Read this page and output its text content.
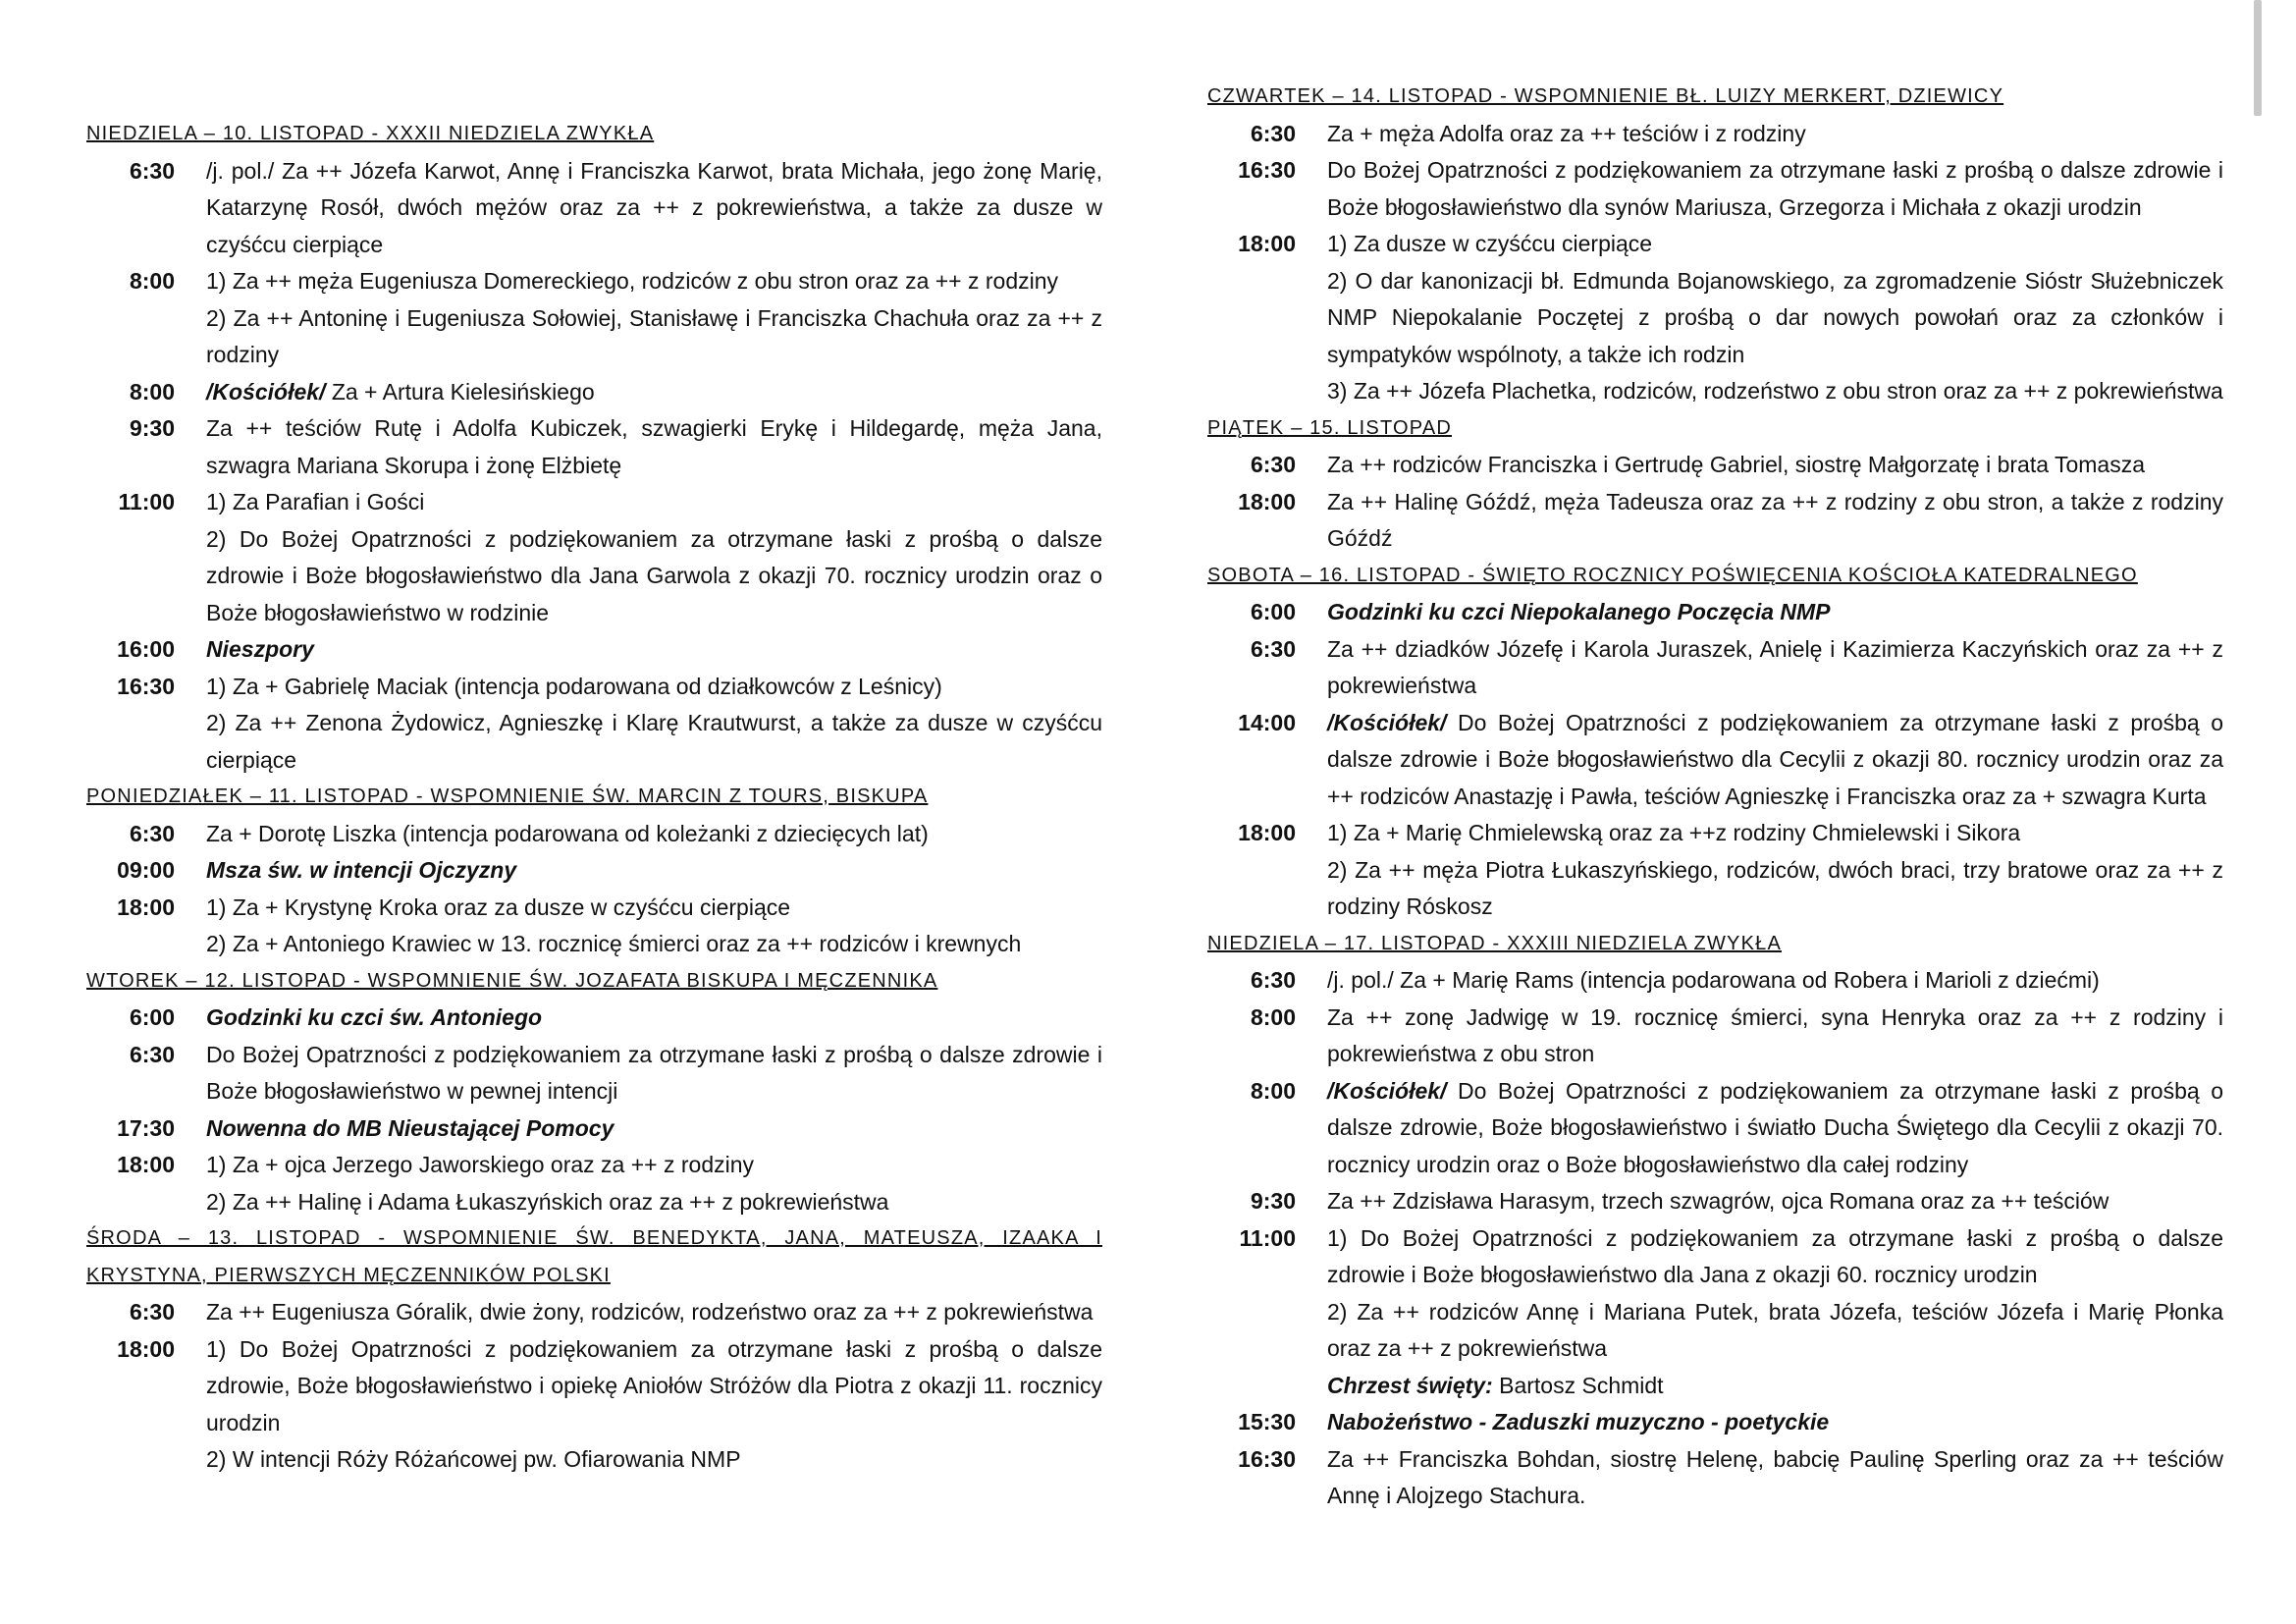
NIEDZIELA – 10. LISTOPAD - XXXII NIEDZIELA ZWYKŁA
6:30	/j. pol./ Za ++ Józefa Karwot, Annę i Franciszka Karwot, brata Michała, jego żonę Marię, Katarzynę Rosół, dwóch mężów oraz za ++ z pokrewieństwa, a także za dusze w czyśćcu cierpiące
8:00	1) Za ++ męża Eugeniusza Domereckiego, rodziców z obu stron oraz za ++ z rodziny
2) Za ++ Antoninę i Eugeniusza Sołowiej, Stanisławę i Franciszka Chachuła oraz za ++ z rodziny
8:00	/Kościółek/ Za + Artura Kielesińskiego
9:30	Za ++ teściów Rutę i Adolfa Kubiczek, szwagierki Erykę i Hildegardę, męża Jana, szwagra Mariana Skorupa i żonę Elżbietę
11:00	1) Za Parafian i Gości
2) Do Bożej Opatrzności z podziękowaniem za otrzymane łaski z prośbą o dalsze zdrowie i Boże błogosławieństwo dla Jana Garwola z okazji 70. rocznicy urodzin oraz o Boże błogosławieństwo w rodzinie
16:00	Nieszpory
16:30	1) Za + Gabrielę Maciak (intencja podarowana od działkowców z Leśnicy)
2) Za ++ Zenona Żydowicz, Agnieszkę i Klarę Krautwurst, a także za dusze w czyśćcu cierpiące
PONIEDZIAŁEK – 11. LISTOPAD - WSPOMNIENIE ŚW. MARCIN Z TOURS, BISKUPA
6:30	Za + Dorotę Liszka (intencja podarowana od koleżanki z dziecięcych lat)
09:00	Msza św. w intencji Ojczyzny
18:00	1) Za + Krystynę Kroka oraz za dusze w czyśćcu cierpiące
2) Za + Antoniego Krawiec w 13. rocznicę śmierci oraz za ++ rodziców i krewnych
WTOREK – 12. LISTOPAD - WSPOMNIENIE ŚW. JOZAFATA BISKUPA I MĘCZENNIKA
6:00	Godzinki ku czci św. Antoniego
6:30	Do Bożej Opatrzności z podziękowaniem za otrzymane łaski z prośbą o dalsze zdrowie i Boże błogosławieństwo w pewnej intencji
17:30	Nowenna do MB Nieustającej Pomocy
18:00	1) Za + ojca Jerzego Jaworskiego oraz za ++ z rodziny
2) Za ++ Halinę i Adama Łukaszyńskich oraz za ++ z pokrewieństwa
ŚRODA – 13. LISTOPAD - WSPOMNIENIE ŚW. BENEDYKTA, JANA, MATEUSZA, IZAAKA I KRYSTYNA, PIERWSZYCH MĘCZENNIKÓW POLSKI
6:30	Za ++ Eugeniusza Góralik, dwie żony, rodziców, rodzeństwo oraz za ++ z pokrewieństwa
18:00	1) Do Bożej Opatrzności z podziękowaniem za otrzymane łaski z prośbą o dalsze zdrowie, Boże błogosławieństwo i opiekę Aniołów Stróżów dla Piotra z okazji 11. rocznicy urodzin
2) W intencji Róży Różańcowej pw. Ofiarowania NMP
CZWARTEK – 14. LISTOPAD - WSPOMNIENIE BŁ. LUIZY MERKERT, DZIEWICY
6:30	Za + męża Adolfa oraz za ++ teściów i z rodziny
16:30	Do Bożej Opatrzności z podziękowaniem za otrzymane łaski z prośbą o dalsze zdrowie i Boże błogosławieństwo dla synów Mariusza, Grzegorza i Michała z okazji urodzin
18:00	1) Za dusze w czyśćcu cierpiące
2) O dar kanonizacji bł. Edmunda Bojanowskiego, za zgromadzenie Sióstr Służebniczek NMP Niepokalanie Poczętej z prośbą o dar nowych powołań oraz za członków i sympatyków wspólnoty, a także ich rodzin
3) Za ++ Józefa Plachetka, rodziców, rodzeństwo z obu stron oraz za ++ z pokrewieństwa
PIĄTEK – 15. LISTOPAD
6:30	Za ++ rodziców Franciszka i Gertrudę Gabriel, siostrę Małgorzatę i brata Tomasza
18:00	Za ++ Halinę Góźdź, męża Tadeusza oraz za ++ z rodziny z obu stron, a także z rodziny Góźdź
SOBOTA – 16. LISTOPAD - ŚWIĘTO ROCZNICY POŚWIĘCENIA KOŚCIOŁA KATEDRALNEGO
6:00	Godzinki ku czci Niepokalanego Poczęcia NMP
6:30	Za ++ dziadków Józefę i Karola Juraszek, Anielę i Kazimierza Kaczyńskich oraz za ++ z pokrewieństwa
14:00	/Kościółek/ Do Bożej Opatrzności z podziękowaniem za otrzymane łaski z prośbą o dalsze zdrowie i Boże błogosławieństwo dla Cecylii z okazji 80. rocznicy urodzin oraz za ++ rodziców Anastazję i Pawła, teściów Agnieszkę i Franciszka oraz za + szwagra Kurta
18:00	1) Za + Marię Chmielewską oraz za ++z rodziny Chmielewski i Sikora
2) Za ++ męża Piotra Łukaszyńskiego, rodziców, dwóch braci, trzy bratowe oraz za ++ z rodziny Róskosz
NIEDZIELA – 17. LISTOPAD - XXXIII NIEDZIELA ZWYKŁA
6:30	/j. pol./ Za + Marię Rams (intencja podarowana od Robera i Marioli z dziećmi)
8:00	Za ++ zonę Jadwigę w 19. rocznicę śmierci, syna Henryka oraz za ++ z rodziny i pokrewieństwa z obu stron
8:00	/Kościółek/ Do Bożej Opatrzności z podziękowaniem za otrzymane łaski z prośbą o dalsze zdrowie, Boże błogosławieństwo i światło Ducha Świętego dla Cecylii z okazji 70. rocznicy urodzin oraz o Boże błogosławieństwo dla całej rodziny
9:30	Za ++ Zdzisława Harasym, trzech szwagrów, ojca Romana oraz za ++ teściów
11:00	1) Do Bożej Opatrzności z podziękowaniem za otrzymane łaski z prośbą o dalsze zdrowie i Boże błogosławieństwo dla Jana z okazji 60. rocznicy urodzin
2) Za ++ rodziców Annę i Mariana Putek, brata Józefa, teściów Józefa i Marię Płonka oraz za ++ z pokrewieństwa
Chrzest święty: Bartosz Schmidt
15:30	Nabożeństwo - Zaduszki muzyczno - poetyckie
16:30	Za ++ Franciszka Bohdan, siostrę Helenę, babcię Paulinę Sperling oraz za ++ teściów Annę i Alojzego Stachura.
